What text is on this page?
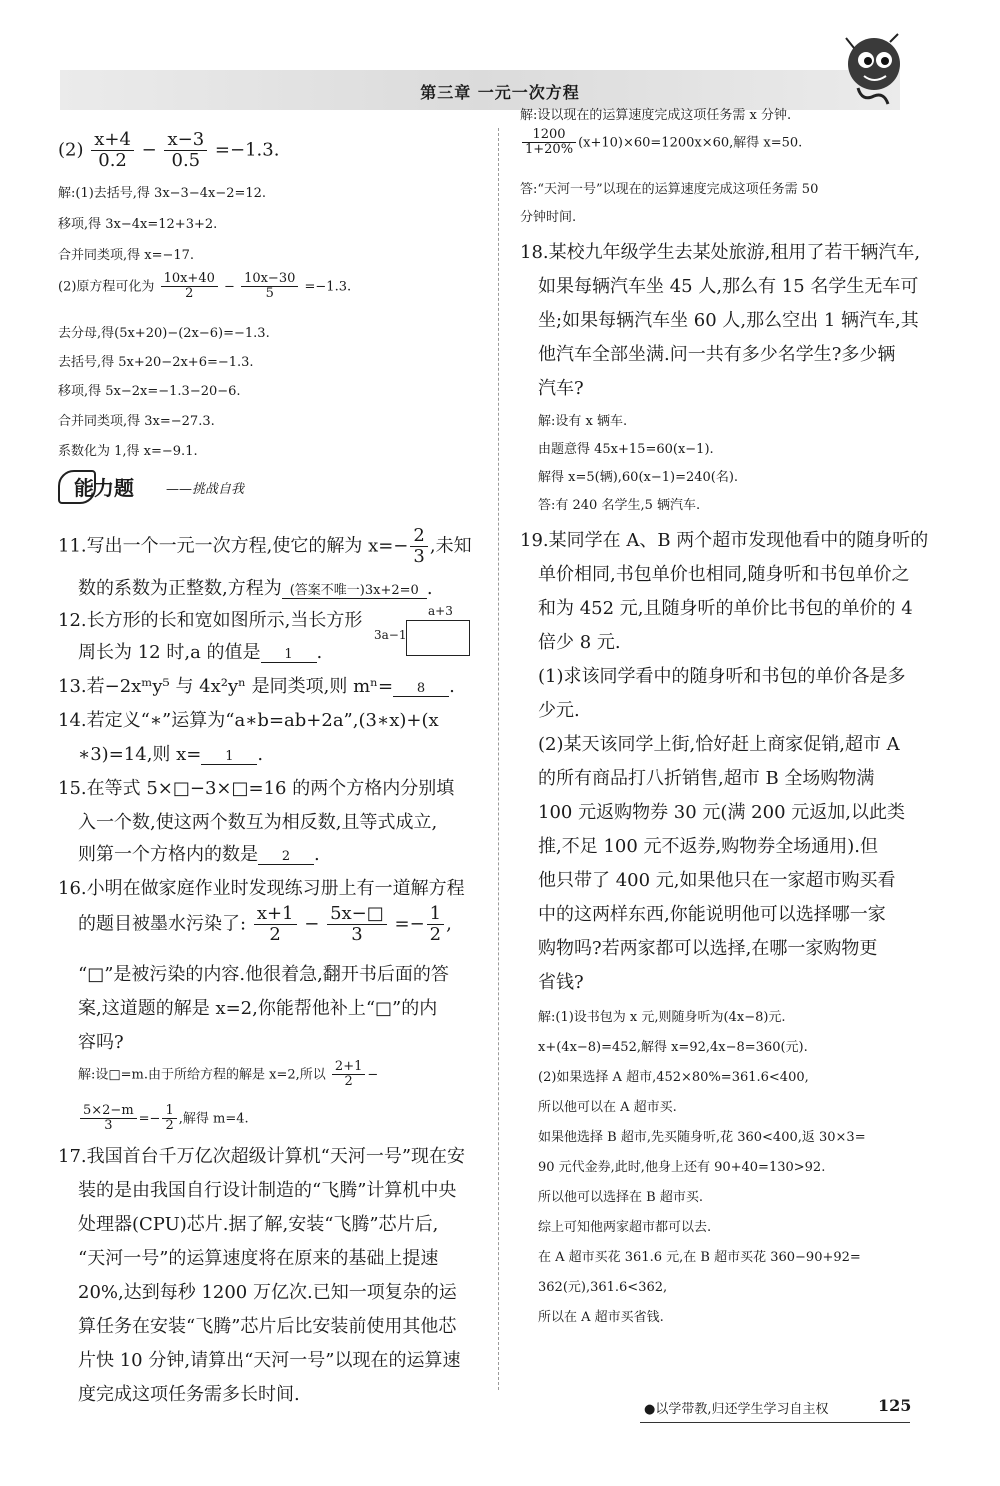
第三章 一元一次方程
$(2) \frac{x+4}{0.2} - \frac{x-3}{0.5} =-1.3$.
解:(1)去括号,得 3x−3−4x−2=12.
移项,得 3x−4x=12+3+2.
合并同类项,得 x=−17.
(2)原方程可化为 $\frac{10x+40}{2} - \frac{10x-30}{5} =-1.3$.
去分母,得(5x+20)−(2x−6)=−1.3.
去括号,得 5x+20−2x+6=−1.3.
移项,得 5x−2x=−1.3−20−6.
合并同类项,得 3x=−27.3.
系数化为 1,得 x=−9.1.
能力题 ——挑战自我
11.写出一个一元一次方程,使它的解为 $x=- \frac{2}{3}$ ,未知
数的系数为正整数,方程为 (答案不唯一)3x+2=0 .
12.长方形的长和宽如图所示,当长方形
周长为 12 时,a 的值是 1 .
a+3
3a−1
13.若−2xᵐy⁵ 与 4x²yⁿ 是同类项,则 mⁿ= 8 .
14.若定义“∗”运算为“a∗b=ab+2a”,(3∗x)+(x
∗3)=14,则 x= 1 .
15.在等式 5×□−3×□=16 的两个方格内分别填
入一个数,使这两个数互为相反数,且等式成立,
则第一个方格内的数是 2 .
16.小明在做家庭作业时发现练习册上有一道解方程
的题目被墨水污染了: $\frac{x+1}{2} - \frac{5x-□}{3} =- \frac{1}{2}$ ,
“□”是被污染的内容.他很着急,翻开书后面的答
案,这道题的解是 x=2,你能帮他补上“□”的内
容吗?
解:设□=m.由于所给方程的解是 x=2,所以 $\frac{2+1}{2}$ −
$\frac{5\times 2-m}{3} =- \frac{1}{2}$ ,解得 m=4.
17.我国首台千万亿次超级计算机“天河一号”现在安
装的是由我国自行设计制造的“飞腾”计算机中央
处理器(CPU)芯片.据了解,安装“飞腾”芯片后,
“天河一号”的运算速度将在原来的基础上提速
20%,达到每秒 1200 万亿次.已知一项复杂的运
算任务在安装“飞腾”芯片后比安装前使用其他芯
片快 10 分钟,请算出“天河一号”以现在的运算速
度完成这项任务需多长时间.
解:设以现在的运算速度完成这项任务需 x 分钟.
$\frac{1200}{1+20\%} (x+10)\times 60=1200x\times 60$,解得 x=50.
答:“天河一号”以现在的运算速度完成这项任务需 50
分钟时间.
18.某校九年级学生去某处旅游,租用了若干辆汽车,
如果每辆汽车坐 45 人,那么有 15 名学生无车可
坐;如果每辆汽车坐 60 人,那么空出 1 辆汽车,其
他汽车全部坐满.问一共有多少名学生?多少辆
汽车?
解:设有 x 辆车.
由题意得 45x+15=60(x−1).
解得 x=5(辆),60(x−1)=240(名).
答:有 240 名学生,5 辆汽车.
19.某同学在 A、B 两个超市发现他看中的随身听的
单价相同,书包单价也相同,随身听和书包单价之
和为 452 元,且随身听的单价比书包的单价的 4
倍少 8 元.
(1)求该同学看中的随身听和书包的单价各是多
少元.
(2)某天该同学上街,恰好赶上商家促销,超市 A
的所有商品打八折销售,超市 B 全场购物满
100 元返购物券 30 元(满 200 元返加,以此类
推,不足 100 元不返券,购物券全场通用).但
他只带了 400 元,如果他只在一家超市购买看
中的这两样东西,你能说明他可以选择哪一家
购物吗?若两家都可以选择,在哪一家购物更
省钱?
解:(1)设书包为 x 元,则随身听为(4x−8)元.
x+(4x−8)=452,解得 x=92,4x−8=360(元).
(2)如果选择 A 超市,452×80%=361.6<400,
所以他可以在 A 超市买.
如果他选择 B 超市,先买随身听,花 360<400,返 30×3=
90 元代金券,此时,他身上还有 90+40=130>92.
所以他可以选择在 B 超市买.
综上可知他两家超市都可以去.
在 A 超市买花 361.6 元,在 B 超市买花 360−90+92=
362(元),361.6<362,
所以在 A 超市买省钱.
●以学带教,归还学生学习自主权	125
